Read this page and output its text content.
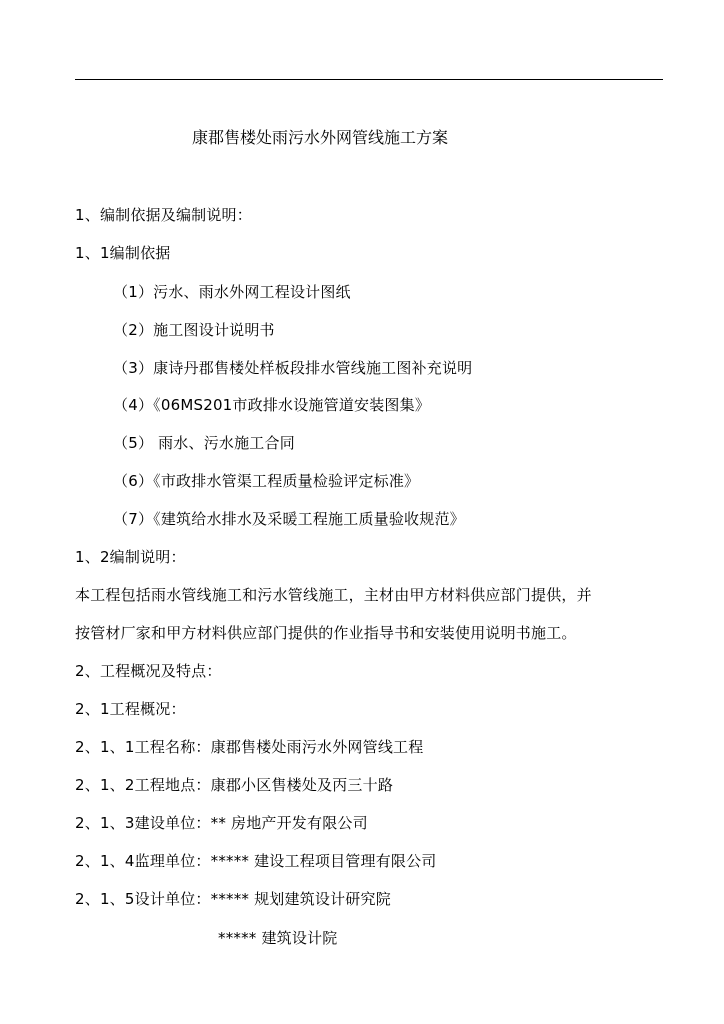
康郡售楼处雨污水外网管线施工方案
1、编制依据及编制说明：
1、1编制依据
（1）污水、雨水外网工程设计图纸
（2）施工图设计说明书
（3）康诗丹郡售楼处样板段排水管线施工图补充说明
（4）《06MS201市政排水设施管道安装图集》
（5） 雨水、污水施工合同
（6）《市政排水管渠工程质量检验评定标准》
（7）《建筑给水排水及采暖工程施工质量验收规范》
1、2编制说明：
本工程包括雨水管线施工和污水管线施工，主材由甲方材料供应部门提供，并
按管材厂家和甲方材料供应部门提供的作业指导书和安装使用说明书施工。
2、工程概况及特点：
2、1工程概况：
2、1、1工程名称：康郡售楼处雨污水外网管线工程
2、1、2工程地点：康郡小区售楼处及丙三十路
2、1、3建设单位：** 房地产开发有限公司
2、1、4监理单位：***** 建设工程项目管理有限公司
2、1、5设计单位：***** 规划建筑设计研究院
***** 建筑设计院
